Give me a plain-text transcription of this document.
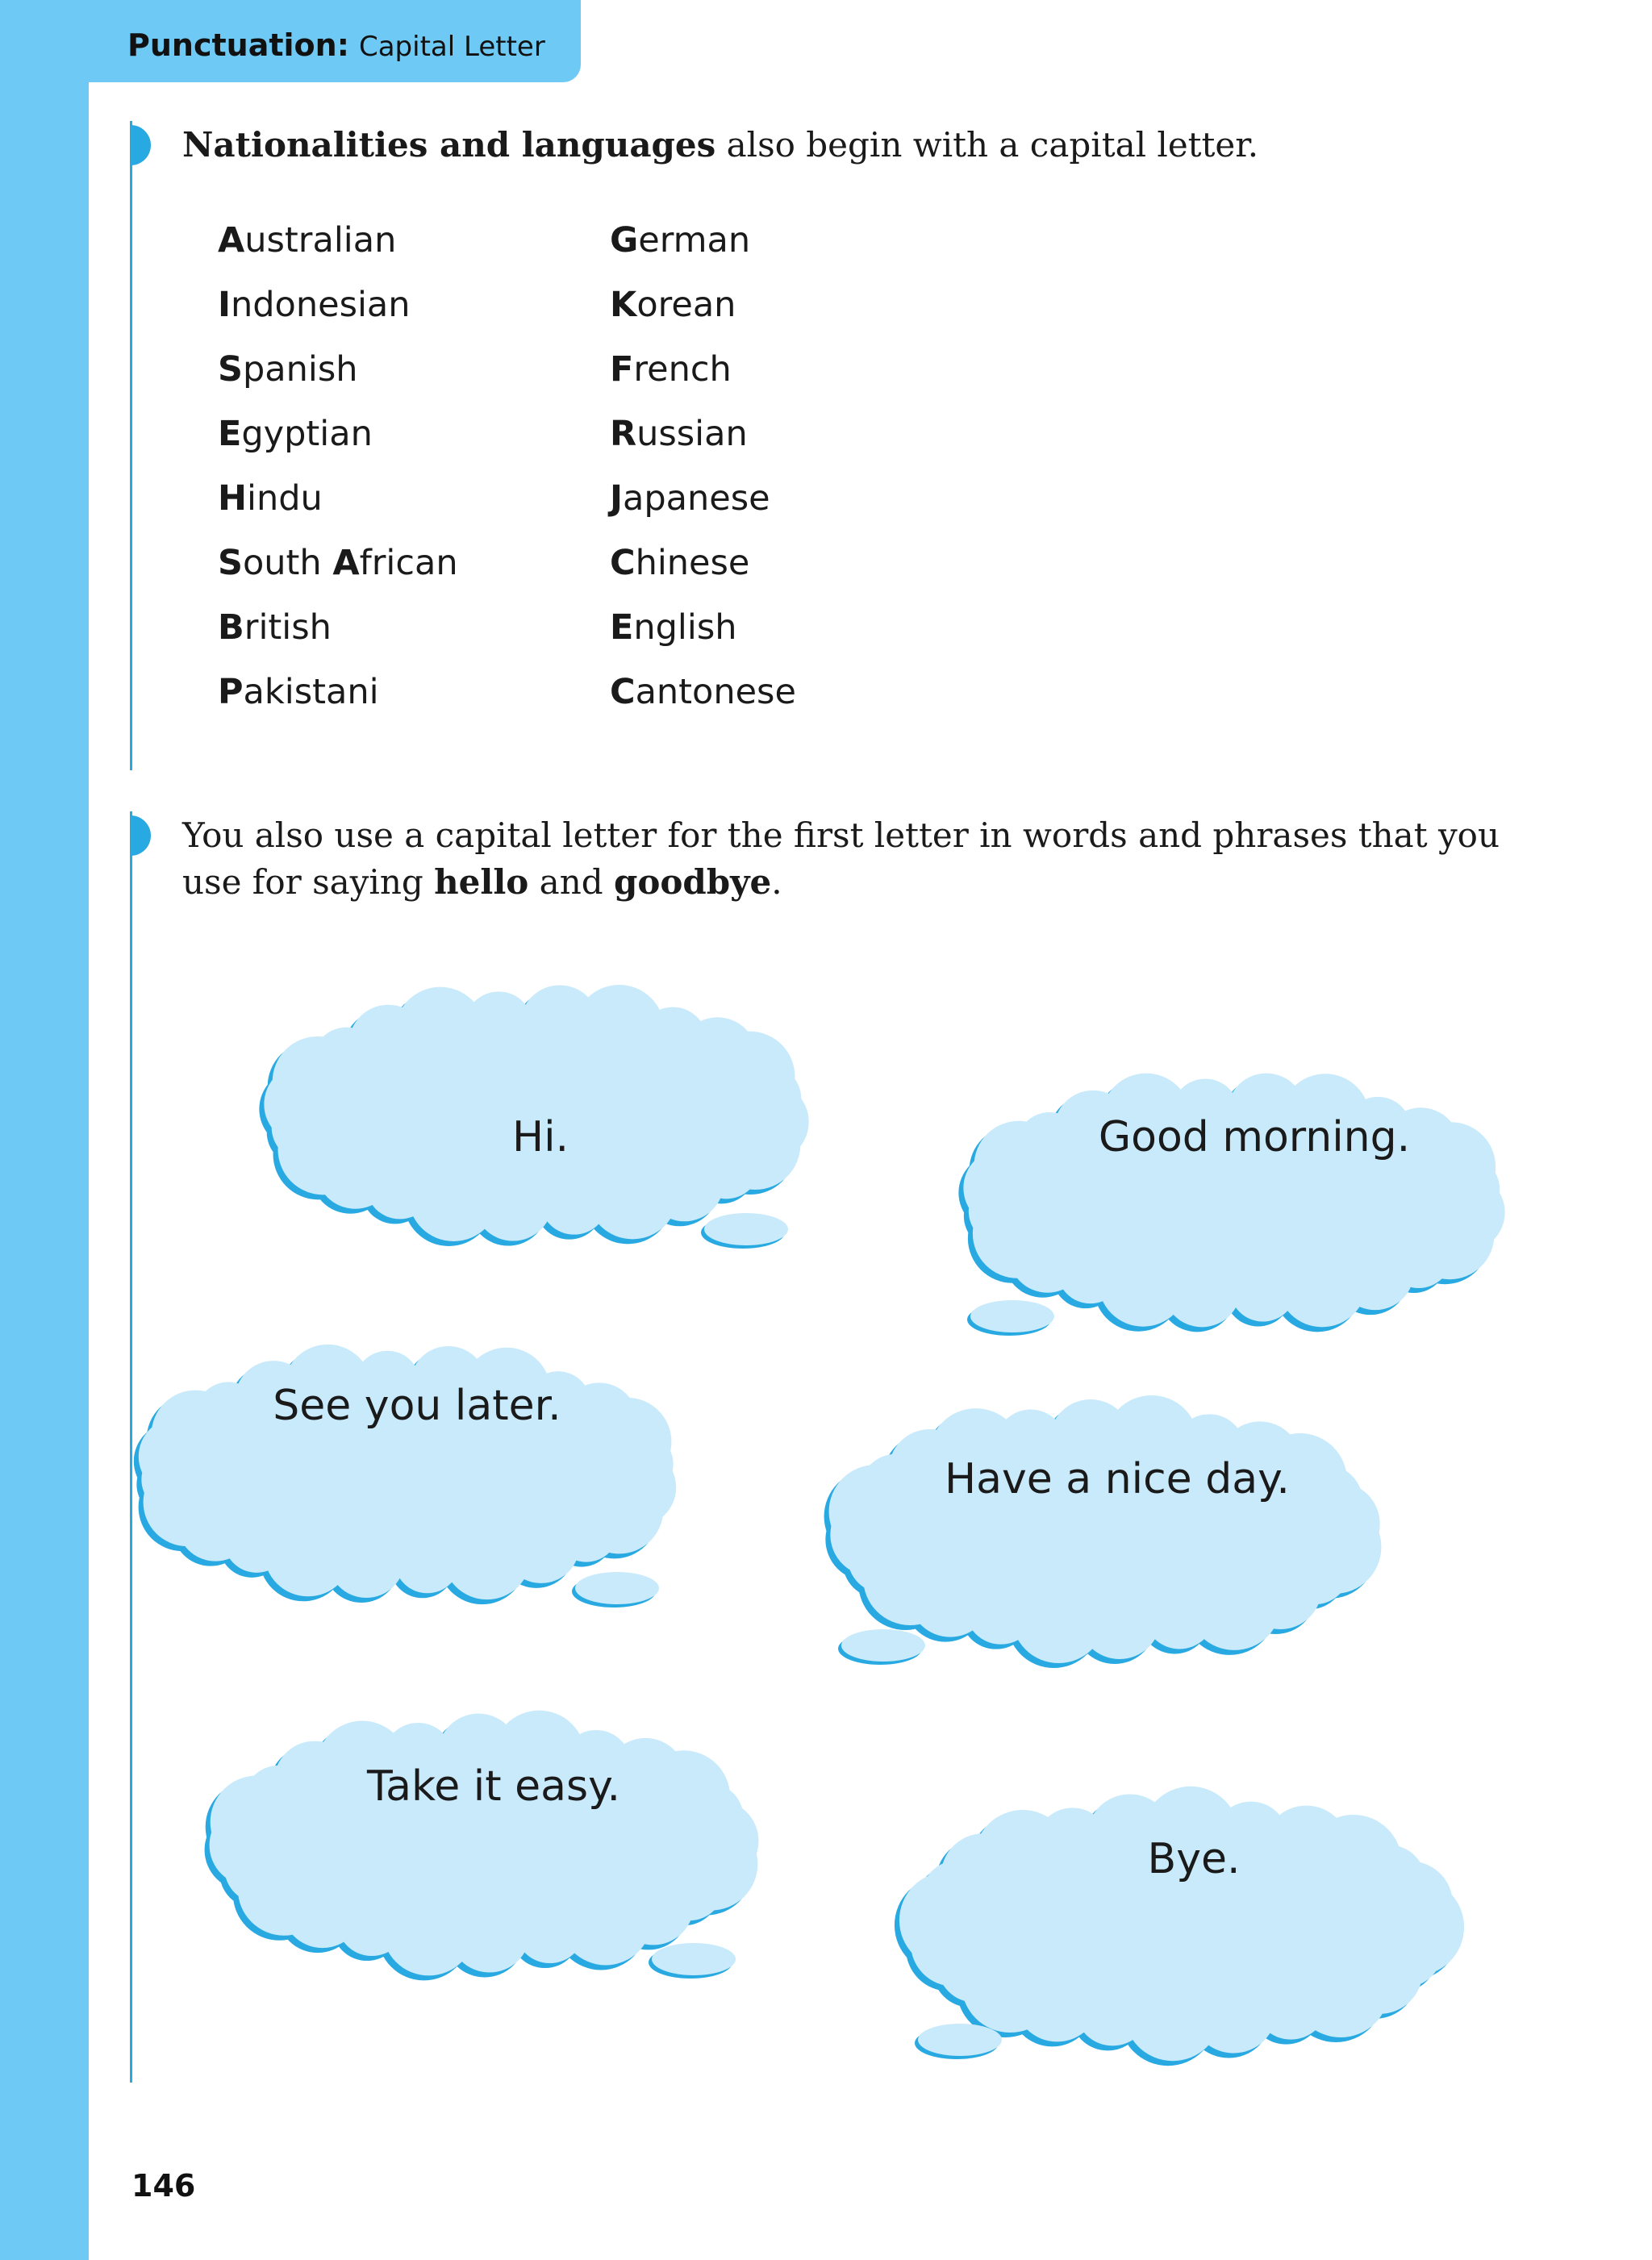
Punctuation: Capital Letter

Nationalities and languages also begin with a capital letter.

Australian
Indonesian
Spanish
Egyptian
Hindu
South African
British
Pakistani
German
Korean
French
Russian
Japanese
Chinese
English
Cantonese

You also use a capital letter for the first letter in words and phrases that you
use for saying hello and goodbye.

Hi.	Good morning.
See you later.
Have a nice day.
Take it easy.
Bye.
146
